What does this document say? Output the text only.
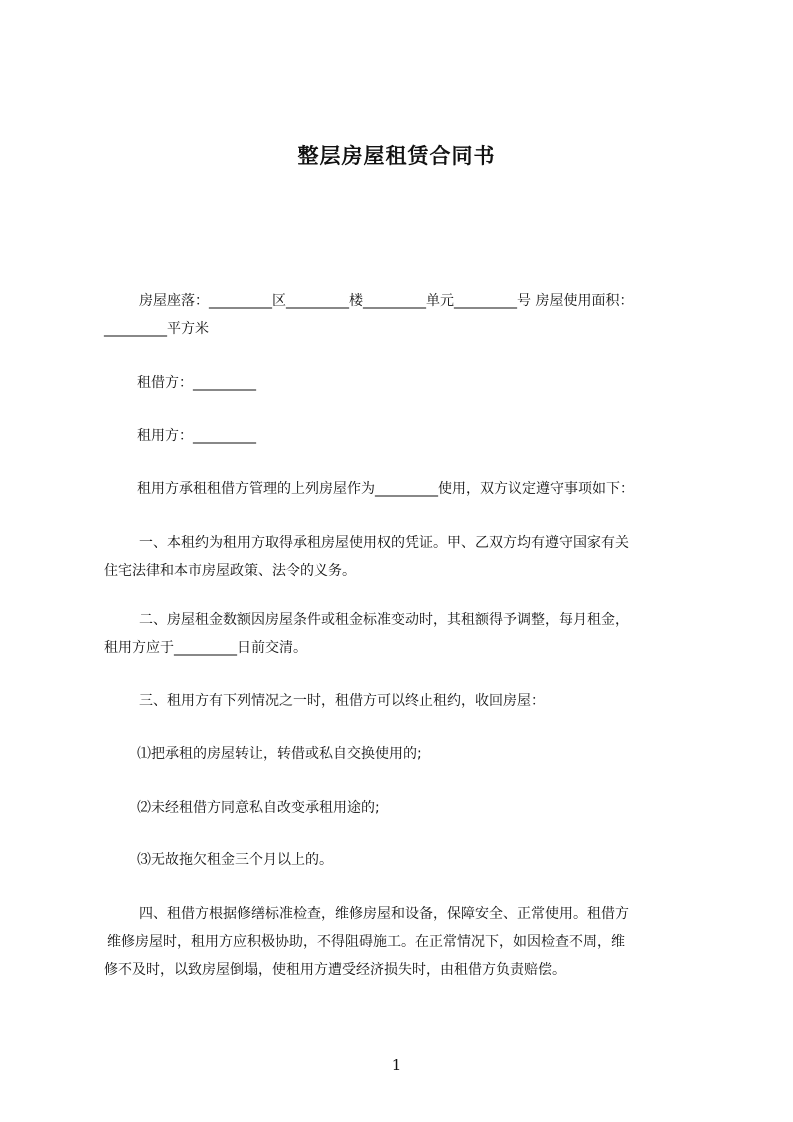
整层房屋租赁合同书
房屋座落：_________区_________楼_________单元_________号 房屋使用面积：
_________平方米
租借方：_________
租用方：_________
租用方承租租借方管理的上列房屋作为_________使用，双方议定遵守事项如下：
一、本租约为租用方取得承租房屋使用权的凭证。甲、乙双方均有遵守国家有关
住宅法律和本市房屋政策、法令的义务。
二、房屋租金数额因房屋条件或租金标准变动时，其租额得予调整，每月租金，
租用方应于_________日前交清。
三、租用方有下列情况之一时，租借方可以终止租约，收回房屋：
⑴把承租的房屋转让，转借或私自交换使用的;
⑵未经租借方同意私自改变承租用途的;
⑶无故拖欠租金三个月以上的。
四、租借方根据修缮标准检查，维修房屋和设备，保障安全、正常使用。租借方
维修房屋时，租用方应积极协助，不得阻碍施工。在正常情况下，如因检查不周，维
修不及时，以致房屋倒塌，使租用方遭受经济损失时，由租借方负责赔偿。
1
